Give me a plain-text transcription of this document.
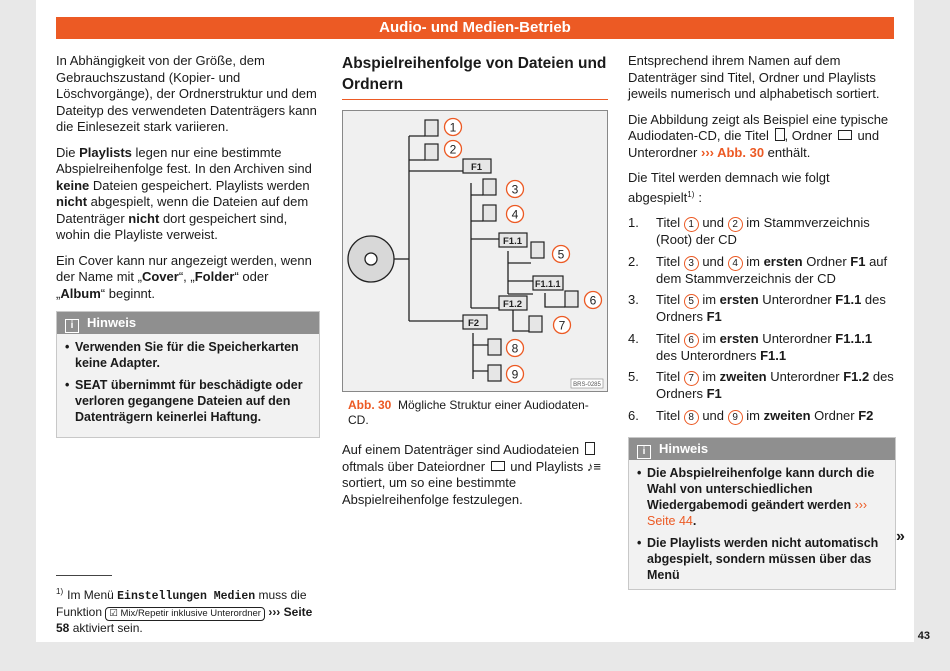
Audio- und Medien-Betrieb

In Abhängigkeit von der Größe, dem Gebrauchszustand (Kopier- und Löschvorgänge), der Ordnerstruktur und dem Dateityp des verwendeten Datenträgers kann die Einlesezeit stark variieren.

Die Playlists legen nur eine bestimmte Abspielreihenfolge fest. In den Archiven sind keine Dateien gespeichert. Playlists werden nicht abgespielt, wenn die Dateien auf dem Datenträger nicht dort gespeichert sind, wohin die Playliste verweist.

Ein Cover kann nur angezeigt werden, wenn der Name mit „Cover“, „Folder“ oder „Album“ beginnt.

i Hinweis
• Verwenden Sie für die Speicherkarten keine Adapter.
• SEAT übernimmt für beschädigte oder verloren gegangene Dateien auf den Datenträgern keinerlei Haftung.
$^{1)}$ Im Menü Einstellungen Medien muss die Funktion ☑ Mix/Repetir inklusive Unterordner ››› Seite 58 aktiviert sein.
Abspielreihenfolge von Dateien und Ordnern
F1
F1.1
F1.1.1
F1.2
F2
1
2
3
4
5
6
7
8
9
BRS-0285
Abb. 30 Mögliche Struktur einer Audiodaten-CD.

Auf einem Datenträger sind Audiodateien  oftmals über Dateiordner  und Playlists ♪≡ sortiert, um so eine bestimmte Abspielreihenfolge festzulegen.

Entsprechend ihrem Namen auf dem Datenträger sind Titel, Ordner und Playlists jeweils numerisch und alphabetisch sortiert.

Die Abbildung zeigt als Beispiel eine typische Audiodaten-CD, die Titel , Ordner  und Unterordner ››› Abb. 30 enthält.

Die Titel werden demnach wie folgt abgespielt$^{1)}$ :

1.	Titel 1 und 2 im Stammverzeichnis (Root) der CD
2.	Titel 3 und 4 im ersten Ordner F1 auf dem Stammverzeichnis der CD
3.	Titel 5 im ersten Unterordner F1.1 des Ordners F1
4.	Titel 6 im ersten Unterordner F1.1.1 des Unterordners F1.1
5.	Titel 7 im zweiten Unterordner F1.2 des Ordners F1
6.	Titel 8 und 9 im zweiten Ordner F2
i Hinweis
• Die Abspielreihenfolge kann durch die Wahl von unterschiedlichen Wiedergabemodi geändert werden ››› Seite 44.
• Die Playlists werden nicht automatisch abgespielt, sondern müssen über das Menü
»
43
